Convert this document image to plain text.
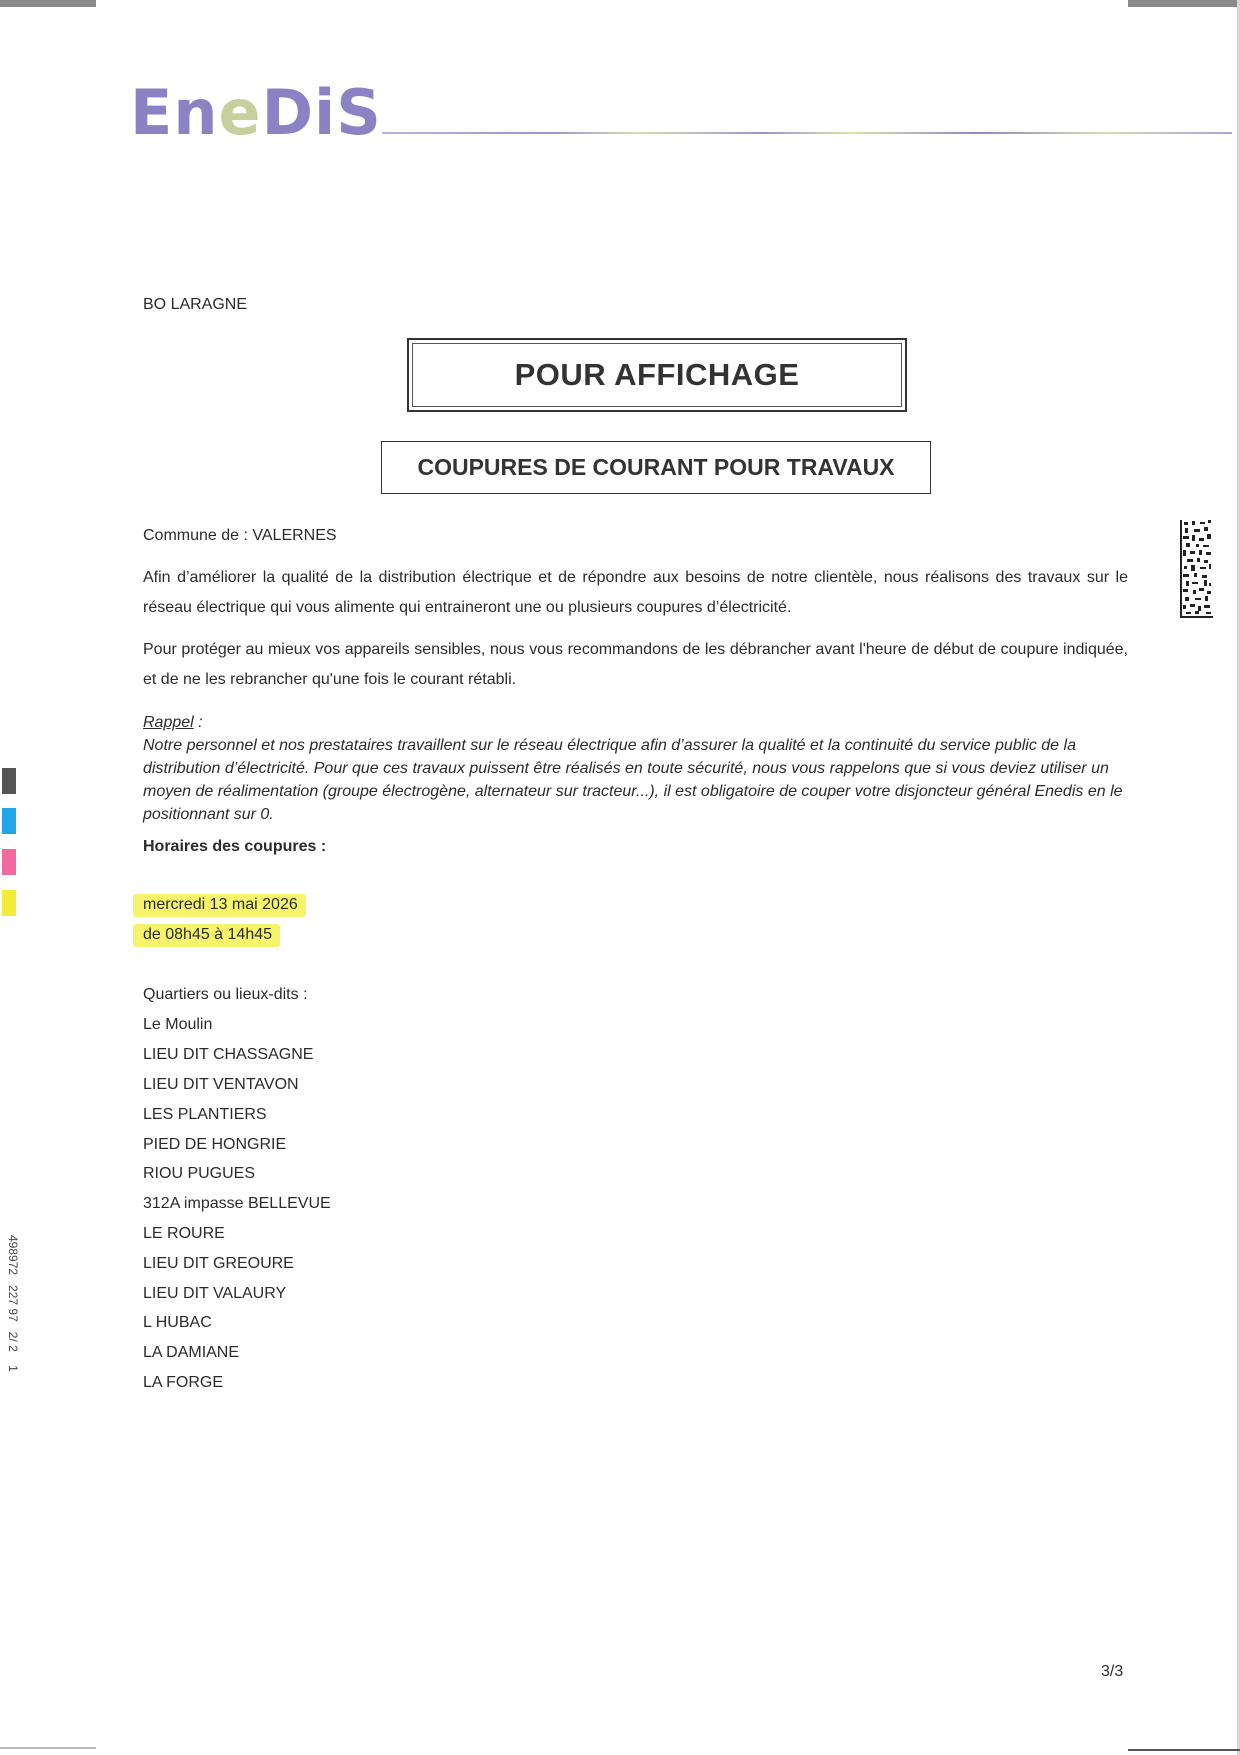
EneDiS
BO LARAGNE
POUR AFFICHAGE
COUPURES DE COURANT POUR TRAVAUX
Commune de : VALERNES
Afin d’améliorer la qualité de la distribution électrique et de répondre aux besoins de notre clientèle, nous réalisons des travaux sur le réseau électrique qui vous alimente qui entraineront une ou plusieurs coupures d’électricité.
Pour protéger au mieux vos appareils sensibles, nous vous recommandons de les débrancher avant l'heure de début de coupure indiquée, et de ne les rebrancher qu'une fois le courant rétabli.
Rappel :
Notre personnel et nos prestataires travaillent sur le réseau électrique afin d’assurer la qualité et la continuité du service public de la distribution d’électricité. Pour que ces travaux puissent être réalisés en toute sécurité, nous vous rappelons que si vous deviez utiliser un moyen de réalimentation (groupe électrogène, alternateur sur tracteur...), il est obligatoire de couper votre disjoncteur général Enedis en le positionnant sur 0.
Horaires des coupures :
mercredi 13 mai 2026
de 08h45 à 14h45
Quartiers ou lieux-dits :
Le Moulin
LIEU DIT CHASSAGNE
LIEU DIT VENTAVON
LES PLANTIERS
PIED DE HONGRIE
RIOU PUGUES
312A impasse BELLEVUE
LE ROURE
LIEU DIT GREOURE
LIEU DIT VALAURY
L HUBAC
LA DAMIANE
LA FORGE
3/3
498972   227 97   2/ 2    1
